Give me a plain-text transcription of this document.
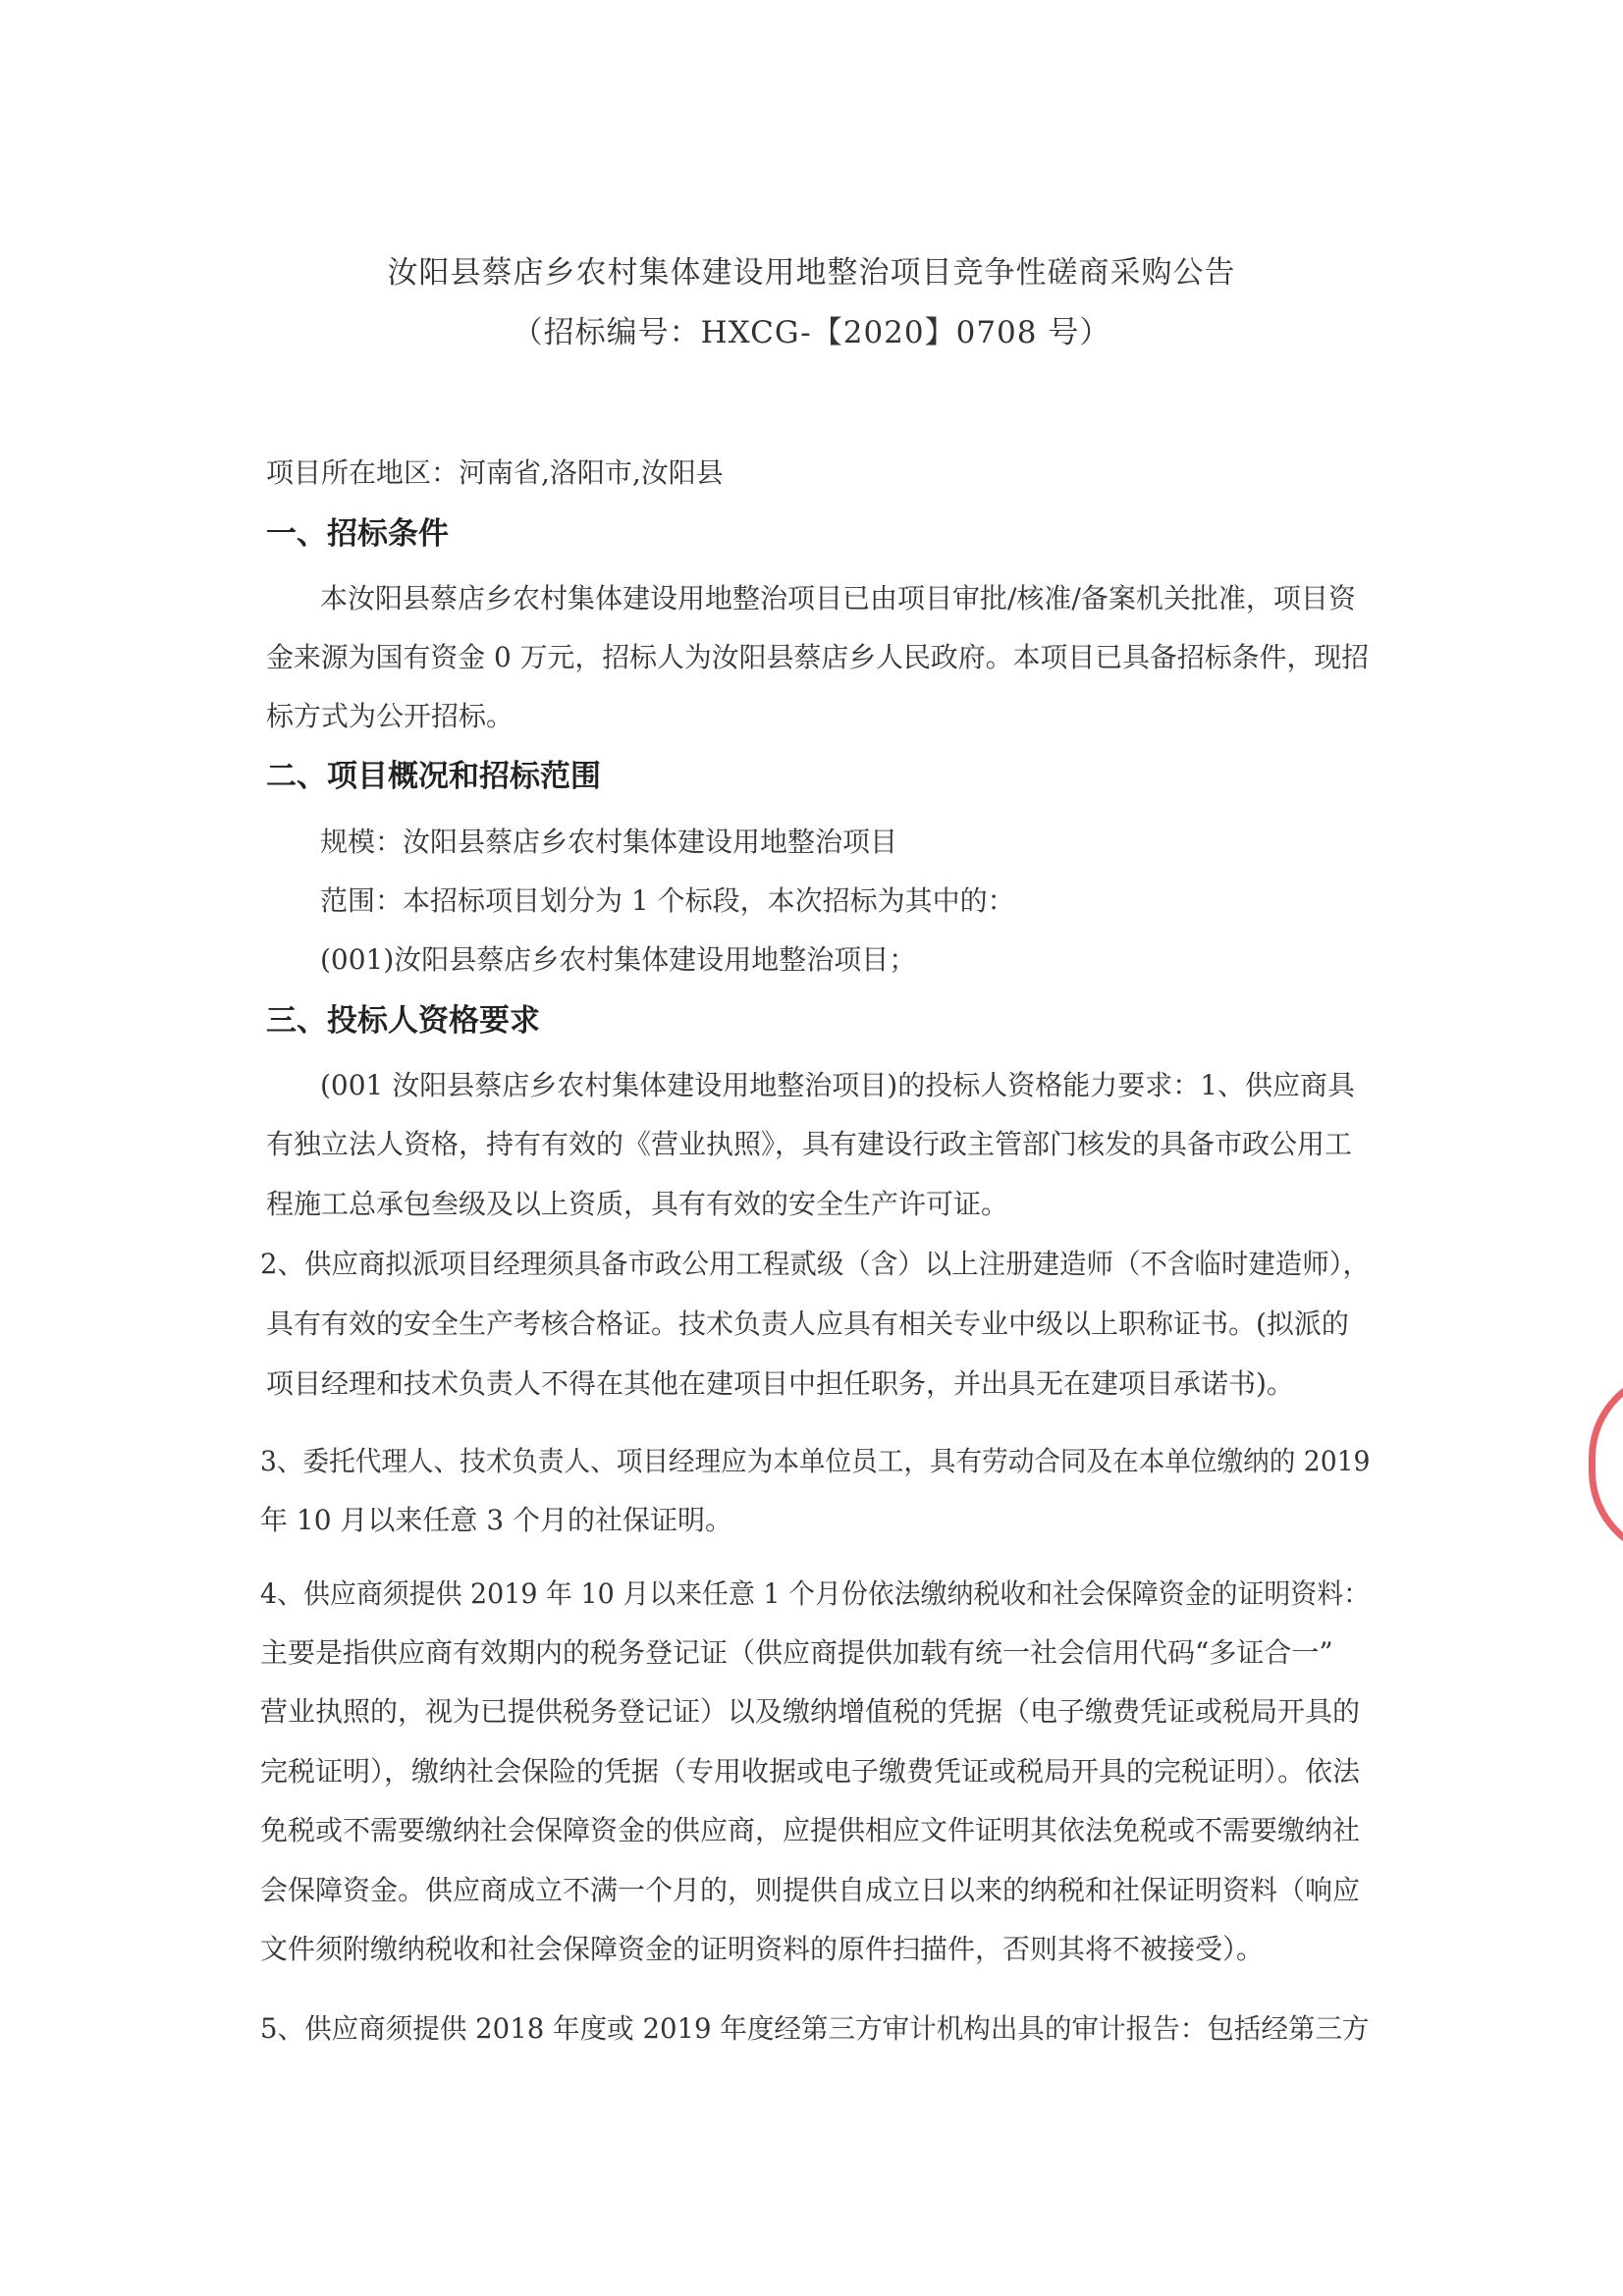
汝阳县蔡店乡农村集体建设用地整治项目竞争性磋商采购公告
（招标编号：HXCG-【2020】0708 号）
项目所在地区：河南省,洛阳市,汝阳县
一、招标条件
本汝阳县蔡店乡农村集体建设用地整治项目已由项目审批/核准/备案机关批准，项目资
金来源为国有资金 0 万元，招标人为汝阳县蔡店乡人民政府。本项目已具备招标条件，现招
标方式为公开招标。
二、项目概况和招标范围
规模：汝阳县蔡店乡农村集体建设用地整治项目
范围：本招标项目划分为 1 个标段，本次招标为其中的：
(001)汝阳县蔡店乡农村集体建设用地整治项目；
三、投标人资格要求
(001 汝阳县蔡店乡农村集体建设用地整治项目)的投标人资格能力要求：1、供应商具
有独立法人资格，持有有效的《营业执照》，具有建设行政主管部门核发的具备市政公用工
程施工总承包叁级及以上资质，具有有效的安全生产许可证。
2、供应商拟派项目经理须具备市政公用工程贰级（含）以上注册建造师（不含临时建造师），
具有有效的安全生产考核合格证。技术负责人应具有相关专业中级以上职称证书。(拟派的
项目经理和技术负责人不得在其他在建项目中担任职务，并出具无在建项目承诺书)。
3、委托代理人、技术负责人、项目经理应为本单位员工，具有劳动合同及在本单位缴纳的 2019
年 10 月以来任意 3 个月的社保证明。
4、供应商须提供 2019 年 10 月以来任意 1 个月份依法缴纳税收和社会保障资金的证明资料：
主要是指供应商有效期内的税务登记证（供应商提供加载有统一社会信用代码“多证合一”
营业执照的，视为已提供税务登记证）以及缴纳增值税的凭据（电子缴费凭证或税局开具的
完税证明），缴纳社会保险的凭据（专用收据或电子缴费凭证或税局开具的完税证明）。依法
免税或不需要缴纳社会保障资金的供应商，应提供相应文件证明其依法免税或不需要缴纳社
会保障资金。供应商成立不满一个月的，则提供自成立日以来的纳税和社保证明资料（响应
文件须附缴纳税收和社会保障资金的证明资料的原件扫描件，否则其将不被接受）。
5、供应商须提供 2018 年度或 2019 年度经第三方审计机构出具的审计报告：包括经第三方
